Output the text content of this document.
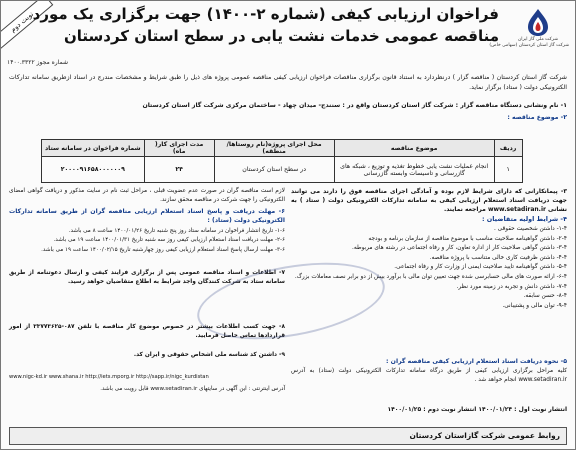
نوبت دوم
فراخوان ارزیابی کیفی (شماره ۲-۱۴۰۰) جهت برگزاری یک مورد
مناقصه عمومی خدمات نشت یابی در سطح استان کردستان	شرکت ملی گاز ایران
شرکت گاز استان کردستان (سهامی خاص)
شماره مجوز ۱۴۰۰.۳۳۲۲
شرکت گاز استان کردستان ( مناقصه گزار ) درنظردارد به استناد قانون برگزاری مناقصات فراخوان ارزیابی کیفی مناقصه عمومی پروژه های ذیل را طبق شرایط و مشخصات مندرج در اسناد ازطریق سامانه تدارکات الکترونیکی دولت ( ستاد) برگزار نماید.
۱- نام ونشانی دستگاه مناقصه گزار : شرکت گاز استان کردستان واقع در : سنندج- میدان چهاد - ساختمان مرکزی شرکت گاز استان کردستان
۲- موضوع مناقصه :
ردیف	موضوع مناقصه	محل اجرای پروژه(نام روستاها/منطقه)	مدت اجرای کار( ماه)	شماره فراخوان در سامانه ستاد
۱	انجام عملیات نشت یابی خطوط تغذیه و توزیع ، شبکه های گازرسانی و تاسیسات وابسته گازرسانی	در سطح استان کردستان	۲۴	۲۰۰۰۰۹۱۶۵۸۰۰۰۰۰۰۹
۳- پیمانکارانی که دارای شرایط لازم بوده و آمادگی اجرای مناقصه فوق را دارند می توانند جهت دریافت اسناد استعلام ارزیابی کیفی به سامانه تدارکات الکترونیکی دولت ( ستاد ) به نشانی www.setadiran.ir مراجعه نمایند.
۴- شرایط اولیه متقاضیان :
۱-۴- داشتن شخصیت حقوقی .
۲-۴- داشتن گواهینامه صلاحیت مناسب با موضوع مناقصه از سازمان برنامه و بودجه
۳-۴- داشتن گواهی صلاحیت کار از اداره تعاون، کار و رفاه اجتماعی در رشته های مربوطه.
۴-۴- داشتن ظرفیت کاری خالی متناسب با پروژه مناقصه.
۵-۴- داشتن گواهینامه تایید صلاحیت ایمنی از وزارت کار و رفاه اجتماعی.
۶-۴- ارائه صورت های مالی حسابرسی شده جهت تعیین توان مالی با برآورد بیش از دو برابر نصف معاملات بزرگ.
۷-۴- داشتن دانش و تجربه در زمینه مورد نظر.
۸-۴- حسن سابقه.
۹-۴- توان مالی و پشتیبانی.
۵- نحوه دریافت اسناد استعلام ارزیابی کیفی مناقصه گران :
کلیه مراحل برگزاری ارزیابی کیفی از طریق درگاه سامانه تدارکات الکترونیکی دولت (ستاد) به آدرس www.setadiran.ir انجام خواهد شد .
انتشار نوبت اول : ۱۴۰۰/۰۱/۲۴ انتشار نوبت دوم : ۱۴۰۰/۰۱/۲۵
لازم است مناقصه گران در صورت عدم عضویت قبلی ، مراحل ثبت نام در سایت مذکور و دریافت گواهی امضای الکترونیکی را جهت شرکت در مناقصه محقق سازند.
۶- مهلت دریافت و پاسخ اسناد استعلام ارزیابی مناقصه گران از طریق سامانه تدارکات الکترونیکی دولت (ستاد) :
۱-۶- تاریخ انتشار فراخوان در سامانه ستاد روز پنج شنبه تاریخ ۱۴۰۰/۰۱/۲۶ ساعت ۸ می باشد.
۲-۶- مهلت دریافت اسناد استعلام ارزیابی کیفی روز سه شنبه تاریخ ۱۴۰۰/۰۱/۳۱ ساعت ۱۹ می باشد.
۳-۶- مهلت ارسال پاسخ اسناد استعلام ارزیابی کیفی روز چهارشنبه تاریخ ۱۴۰۰/۰۲/۱۵ ساعت ۱۹ می باشد.
۷- اطلاعات و اسناد مناقصه عمومی پس از برگزاری فرایند کیفی و ارسال دعوتنامه از طریق سامانه ستاد به شرکت کنندگان واجد شرایط به اطلاع متقاضیان خواهد رسید.
۸- جهت کسب اطلاعات بیشتر در خصوص موضوع کار مناقصه با تلفن ۰۸۷-۳۳۷۷۳۶۲۵ از امور قراردادها تماس حاصل فرمایید.
۹- داشتن کد شناسه ملی اشخاص حقوقی و ایران کد.
www.nigc-kd.ir www.shana.ir http://iets.mporg.ir http://sapp.ir/nigc_kurdistan
آدرس اینترنتی : این آگهی در سایتهای www.setadiran.ir قابل رویت می باشد.
روابط عمومی شرکت گازاستان کردستان
